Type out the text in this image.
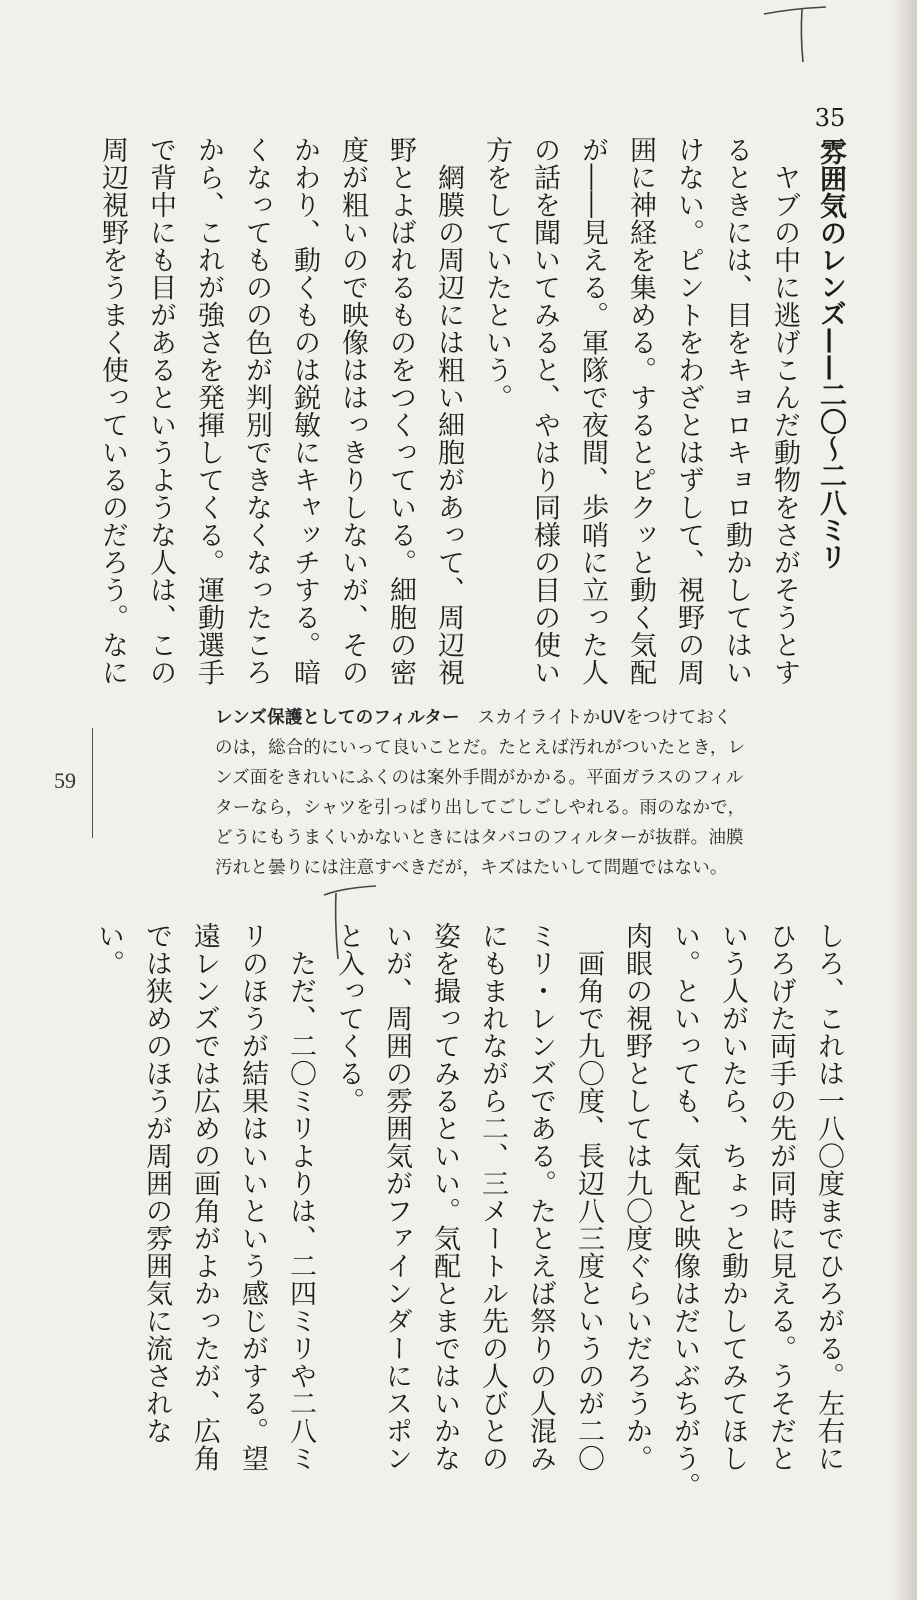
35雰囲気のレンズ——二〇～二八ミリ
　ヤブの中に逃げこんだ動物をさがそうとす
るときには、目をキョロキョロ動かしてはい
けない。ピントをわざとはずして、視野の周
囲に神経を集める。するとピクッと動く気配
が――見える。軍隊で夜間、歩哨に立った人
の話を聞いてみると、やはり同様の目の使い
方をしていたという。
　網膜の周辺には粗い細胞があって、周辺視
野とよばれるものをつくっている。細胞の密
度が粗いので映像ははっきりしないが、その
かわり、動くものは鋭敏にキャッチする。暗
くなってものの色が判別できなくなったころ
から、これが強さを発揮してくる。運動選手
で背中にも目があるというような人は、この
周辺視野をうまく使っているのだろう。なに
レンズ保護としてのフィルター　スカイライトかUVをつけておく
のは，総合的にいって良いことだ。たとえば汚れがついたとき，レ
ンズ面をきれいにふくのは案外手間がかかる。平面ガラスのフィル
ターなら，シャツを引っぱり出してごしごしやれる。雨のなかで，
どうにもうまくいかないときにはタバコのフィルターが抜群。油膜
汚れと曇りには注意すべきだが，キズはたいして問題ではない。
59
しろ、これは一八〇度までひろがる。左右に
ひろげた両手の先が同時に見える。うそだと
いう人がいたら、ちょっと動かしてみてほし
い。といっても、気配と映像はだいぶちがう。
肉眼の視野としては九〇度ぐらいだろうか。
　画角で九〇度、長辺八三度というのが二〇
ミリ・レンズである。たとえば祭りの人混み
にもまれながら二、三メートル先の人びとの
姿を撮ってみるといい。気配とまではいかな
いが、周囲の雰囲気がファインダーにスポン
と入ってくる。
　ただ、二〇ミリよりは、二四ミリや二八ミ
リのほうが結果はいいという感じがする。望
遠レンズでは広めの画角がよかったが、広角
では狭めのほうが周囲の雰囲気に流されな
い。
